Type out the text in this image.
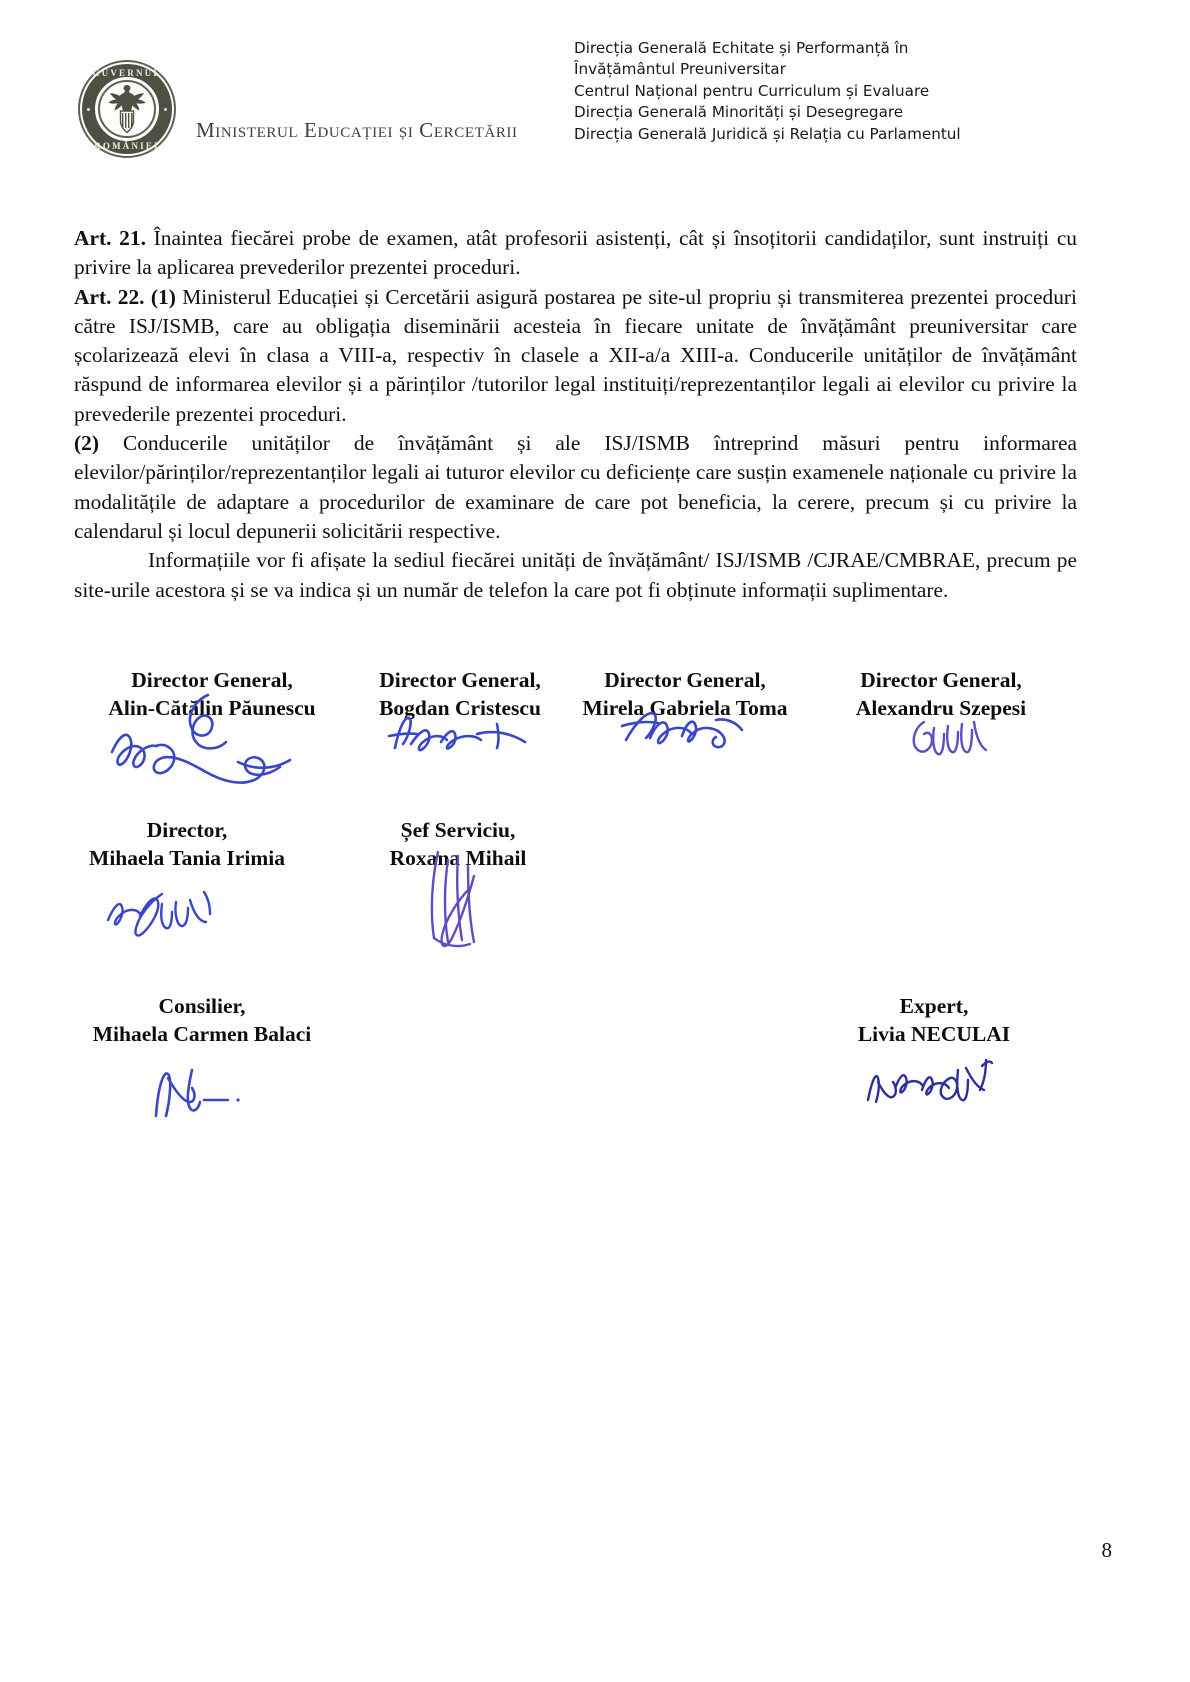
GUVERNUL
ROMÂNIEI
Ministerul Educației și Cercetării
Direcția Generală Echitate și Performanță în
Învățământul Preuniversitar
Centrul Național pentru Curriculum și Evaluare
Direcția Generală Minorități și Desegregare
Direcția Generală Juridică și Relația cu Parlamentul

Art. 21. Înaintea fiecărei probe de examen, atât profesorii asistenți, cât și însoțitorii candidaților, sunt instruiți cu privire la aplicarea prevederilor prezentei proceduri.

Art. 22. (1) Ministerul Educației și Cercetării asigură postarea pe site-ul propriu și transmiterea prezentei proceduri către ISJ/ISMB, care au obligația diseminării acesteia în fiecare unitate de învățământ preuniversitar care școlarizează elevi în clasa a VIII-a, respectiv în clasele a XII-a/a XIII-a. Conducerile unităților de învățământ răspund de informarea elevilor și a părinților /tutorilor legal instituiți/reprezentanților legali ai elevilor cu privire la prevederile prezentei proceduri.

(2) Conducerile unităților de învățământ și ale ISJ/ISMB întreprind măsuri pentru informarea elevilor/părinților/reprezentanților legali ai tuturor elevilor cu deficiențe care susțin examenele naționale cu privire la modalitățile de adaptare a procedurilor de examinare de care pot beneficia, la cerere, precum și cu privire la calendarul și locul depunerii solicitării respective.

Informațiile vor fi afișate la sediul fiecărei unități de învățământ/ ISJ/ISMB /CJRAE/CMBRAE, precum pe site-urile acestora și se va indica și un număr de telefon la care pot fi obținute informații suplimentare.

Director General,
Alin-Cătălin Păunescu
Director General,
Bogdan Cristescu
Director General,
Mirela Gabriela Toma
Director General,
Alexandru Szepesi
Director,
Mihaela Tania Irimia
Șef Serviciu,
Roxana Mihail
Consilier,
Mihaela Carmen Balaci
Expert,
Livia NECULAI
8
